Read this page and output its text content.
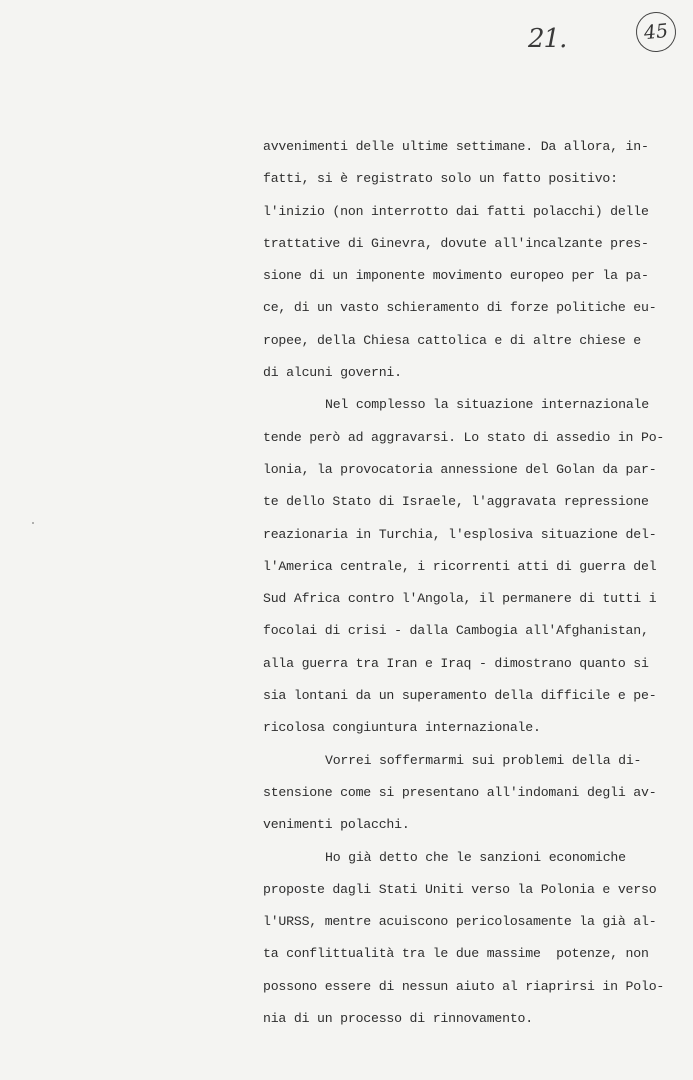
21.	45
avvenimenti delle ultime settimane. Da allora, in-
fatti, si è registrato solo un fatto positivo:
l'inizio (non interrotto dai fatti polacchi) delle
trattative di Ginevra, dovute all'incalzante pres-
sione di un imponente movimento europeo per la pa-
ce, di un vasto schieramento di forze politiche eu-
ropee, della Chiesa cattolica e di altre chiese e
di alcuni governi.
Nel complesso la situazione internazionale
tende però ad aggravarsi. Lo stato di assedio in Po-
lonia, la provocatoria annessione del Golan da par-
te dello Stato di Israele, l'aggravata repressione
reazionaria in Turchia, l'esplosiva situazione del-
l'America centrale, i ricorrenti atti di guerra del
Sud Africa contro l'Angola, il permanere di tutti i
focolai di crisi - dalla Cambogia all'Afghanistan,
alla guerra tra Iran e Iraq - dimostrano quanto si
sia lontani da un superamento della difficile e pe-
ricolosa congiuntura internazionale.
Vorrei soffermarmi sui problemi della di-
stensione come si presentano all'indomani degli av-
venimenti polacchi.
Ho già detto che le sanzioni economiche
proposte dagli Stati Uniti verso la Polonia e verso
l'URSS, mentre acuiscono pericolosamente la già al-
ta conflittualità tra le due massime  potenze, non
possono essere di nessun aiuto al riaprirsi in Polo-
nia di un processo di rinnovamento.
